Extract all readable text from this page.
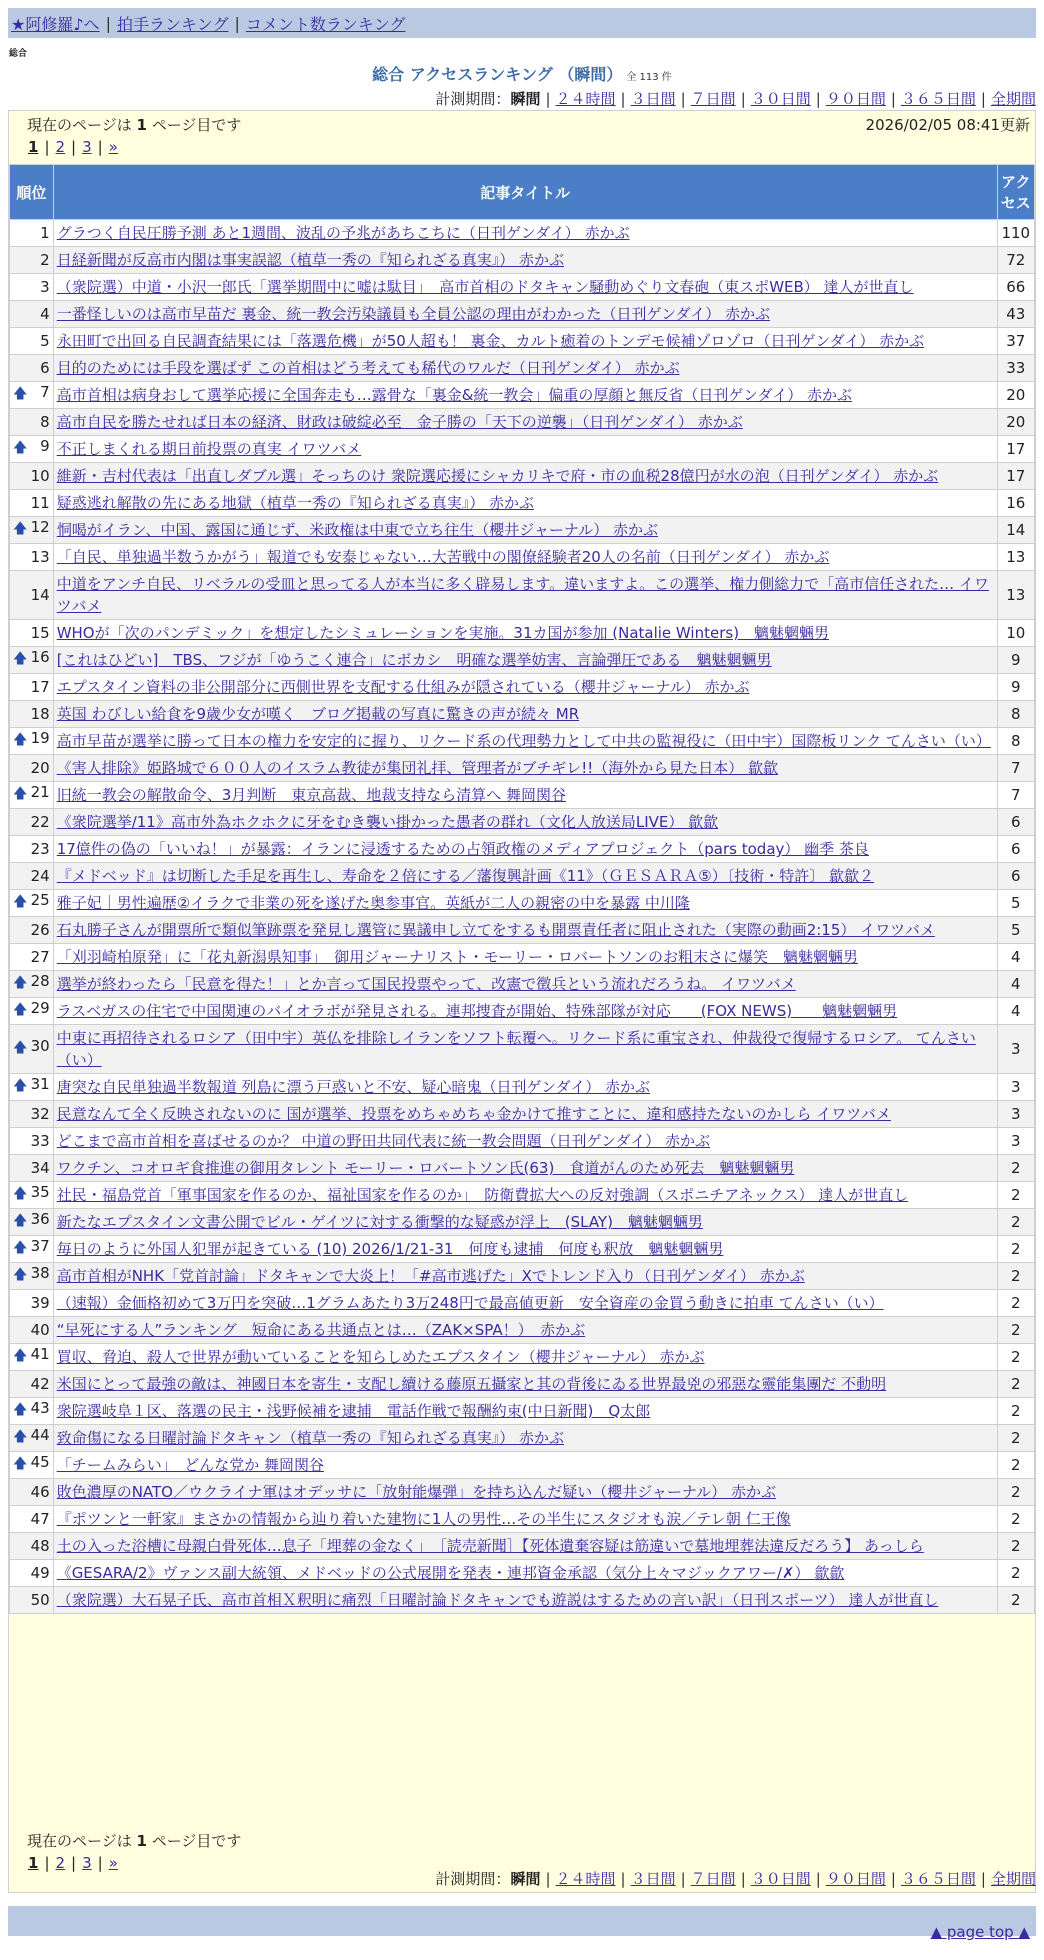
★阿修羅♪へ | 拍手ランキング | コメント数ランキング
総合
総合 アクセスランキング （瞬間） 全 113 件
計測期間：瞬間 | ２４時間 | ３日間 | ７日間 | ３０日間 | ９０日間 | ３６５日間 | 全期間
現在のページは 1 ページ目です	2026/02/05 08:41更新
1 | 2 | 3 | »
順位	記事タイトル	アクセス
1	グラつく自民圧勝予測 あと1週間、波乱の予兆があちこちに（日刊ゲンダイ） 赤かぶ	110
2	日経新聞が反高市内閣は事実誤認（植草一秀の『知られざる真実』） 赤かぶ	72
3	（衆院選）中道・小沢一郎氏「選挙期間中に嘘は駄目」　高市首相のドタキャン騒動めぐり文春砲（東スポWEB） 達人が世直し	66
4	一番怪しいのは高市早苗だ 裏金、統一教会汚染議員も全員公認の理由がわかった（日刊ゲンダイ） 赤かぶ	43
5	永田町で出回る自民調査結果には「落選危機」が50人超も！ 裏金、カルト癒着のトンデモ候補ゾロゾロ（日刊ゲンダイ） 赤かぶ	37
6	目的のためには手段を選ばず この首相はどう考えても稀代のワルだ（日刊ゲンダイ） 赤かぶ	33

🡅 7	高市首相は病身おして選挙応援に全国奔走も…露骨な「裏金&統一教会」偏重の厚顔と無反省（日刊ゲンダイ） 赤かぶ	20
8	高市自民を勝たせれば日本の経済、財政は破綻必至　金子勝の「天下の逆襲」（日刊ゲンダイ） 赤かぶ	20

🡅 9	不正しまくれる期日前投票の真実 イワツバメ	17
10	維新・吉村代表は「出直しダブル選」そっちのけ 衆院選応援にシャカリキで府・市の血税28億円が水の泡（日刊ゲンダイ） 赤かぶ	17
11	疑惑逃れ解散の先にある地獄（植草一秀の『知られざる真実』） 赤かぶ	16

🡅 12	恫喝がイラン、中国、露国に通じず、米政権は中東で立ち往生（櫻井ジャーナル） 赤かぶ	14
13	「自民、単独過半数うかがう」報道でも安泰じゃない…大苦戦中の閣僚経験者20人の名前（日刊ゲンダイ） 赤かぶ	13
14	中道をアンチ自民、リベラルの受皿と思ってる人が本当に多く辟易します。違いますよ。この選挙、権力側総力で「高市信任された… イワツバメ	13
15	WHOが「次のパンデミック」を想定したシミュレーションを実施。31カ国が参加 (Natalie Winters)　魑魅魍魎男	10

🡅 16	[これはひどい]　TBS、フジが「ゆうこく連合」にボカシ　明確な選挙妨害、言論弾圧である　魑魅魍魎男	9
17	エプスタイン資料の非公開部分に西側世界を支配する仕組みが隠されている（櫻井ジャーナル） 赤かぶ	9
18	英国 わびしい給食を9歳少女が嘆く　ブログ掲載の写真に驚きの声が続々 MR	8

🡅 19	高市早苗が選挙に勝って日本の権力を安定的に握り、リクード系の代理勢力として中共の監視役に（田中宇）国際板リンク てんさい（い）	8
20	《害人排除》姫路城で６００人のイスラム教徒が集団礼拝、管理者がブチギレ!!（海外から見た日本） 歙歙	7

🡅 21	旧統一教会の解散命令、3月判断　東京高裁、地裁支持なら清算へ 舞岡関谷	7
22	《衆院選挙/11》高市外為ホクホクに牙をむき襲い掛かった愚者の群れ（文化人放送局LIVE） 歙歙	6
23	17億件の偽の「いいね！」が暴露：イランに浸透するための占領政権のメディアプロジェクト（pars today） 幽季 茶良	6
24	『メドベッド』は切断した手足を再生し、寿命を２倍にする／藩復興計画《11》（ＧＥＳＡＲＡ⑤）〔技術・特許〕 歙歙２	6

🡅 25	雅子妃｜男性遍歴②イラクで非業の死を遂げた奥参事官。英紙が二人の親密の中を暴露 中川隆	5
26	石丸勝子さんが開票所で類似筆跡票を発見し選管に異議申し立てをするも開票責任者に阻止された（実際の動画2:15） イワツバメ	5
27	「刈羽崎柏原発」に「花丸新潟県知事」　御用ジャーナリスト・モーリー・ロバートソンのお粗末さに爆笑　魑魅魍魎男	4

🡅 28	選挙が終わったら「民意を得た！」とか言って国民投票やって、改憲で徴兵という流れだろうね。 イワツバメ	4

🡅 29	ラスベガスの住宅で中国関連のバイオラボが発見される。連邦捜査が開始、特殊部隊が対応　　(FOX NEWS)　　魑魅魍魎男	4

🡅 30	中東に再招待されるロシア（田中宇）英仏を排除しイランをソフト転覆へ。リクード系に重宝され、仲裁役で復帰するロシア。 てんさい（い）	3

🡅 31	唐突な自民単独過半数報道 列島に漂う戸惑いと不安、疑心暗鬼（日刊ゲンダイ） 赤かぶ	3
32	民意なんて全く反映されないのに 国が選挙、投票をめちゃめちゃ金かけて推すことに、違和感持たないのかしら イワツバメ	3
33	どこまで高市首相を喜ばせるのか？ 中道の野田共同代表に統一教会問題（日刊ゲンダイ） 赤かぶ	3
34	ワクチン、コオロギ食推進の御用タレント モーリー・ロバートソン氏(63)　食道がんのため死去　魑魅魍魎男	2

🡅 35	社民・福島党首「軍事国家を作るのか、福祉国家を作るのか」　防衛費拡大への反対強調（スポニチアネックス） 達人が世直し	2

🡅 36	新たなエプスタイン文書公開でビル・ゲイツに対する衝撃的な疑惑が浮上　(SLAY)　魑魅魍魎男	2

🡅 37	毎日のように外国人犯罪が起きている (10) 2026/1/21-31　何度も逮捕　何度も釈放　魑魅魍魎男	2

🡅 38	高市首相がNHK「党首討論」ドタキャンで大炎上！「#高市逃げた」Xでトレンド入り（日刊ゲンダイ） 赤かぶ	2
39	（速報）金価格初めて3万円を突破…1グラムあたり3万248円で最高値更新　安全資産の金買う動きに拍車 てんさい（い）	2
40	“早死にする人”ランキング　短命にある共通点とは…（ZAK×SPA！）　赤かぶ	2

🡅 41	買収、脅迫、殺人で世界が動いていることを知らしめたエプスタイン（櫻井ジャーナル） 赤かぶ	2
42	米国にとって最強の敵は、神國日本を寄生・支配し續ける藤原五攝家と其の背後にゐる世界最兇の邪惡な靈能集團だ 不動明	2

🡅 43	衆院選岐阜１区、落選の民主・浅野候補を逮捕　電話作戦で報酬約束(中日新聞)　Q太郎	2

🡅 44	致命傷になる日曜討論ドタキャン（植草一秀の『知られざる真実』） 赤かぶ	2

🡅 45	「チームみらい」　どんな党か 舞岡関谷	2
46	敗色濃厚のNATO／ウクライナ軍はオデッサに「放射能爆弾」を持ち込んだ疑い（櫻井ジャーナル） 赤かぶ	2
47	『ポツンと一軒家』まさかの情報から辿り着いた建物に1人の男性…その半生にスタジオも涙／テレ朝 仁王像	2
48	土の入った浴槽に母親白骨死体…息子「埋葬の金なく」　［読売新聞］【死体遺棄容疑は筋違いで墓地埋葬法違反だろう】 あっしら	2
49	《GESARA/2》ヴァンス副大統領、メドベッドの公式展開を発表・連邦資金承認（気分上々マジックアワー/✗） 歙歙	2
50	（衆院選）大石晃子氏、高市首相Ｘ釈明に痛烈「日曜討論ドタキャンでも遊説はするための言い訳」（日刊スポーツ） 達人が世直し	2
現在のページは 1 ページ目です
1 | 2 | 3 | »
計測期間：瞬間 | ２４時間 | ３日間 | ７日間 | ３０日間 | ９０日間 | ３６５日間 | 全期間
▲ page top ▲
